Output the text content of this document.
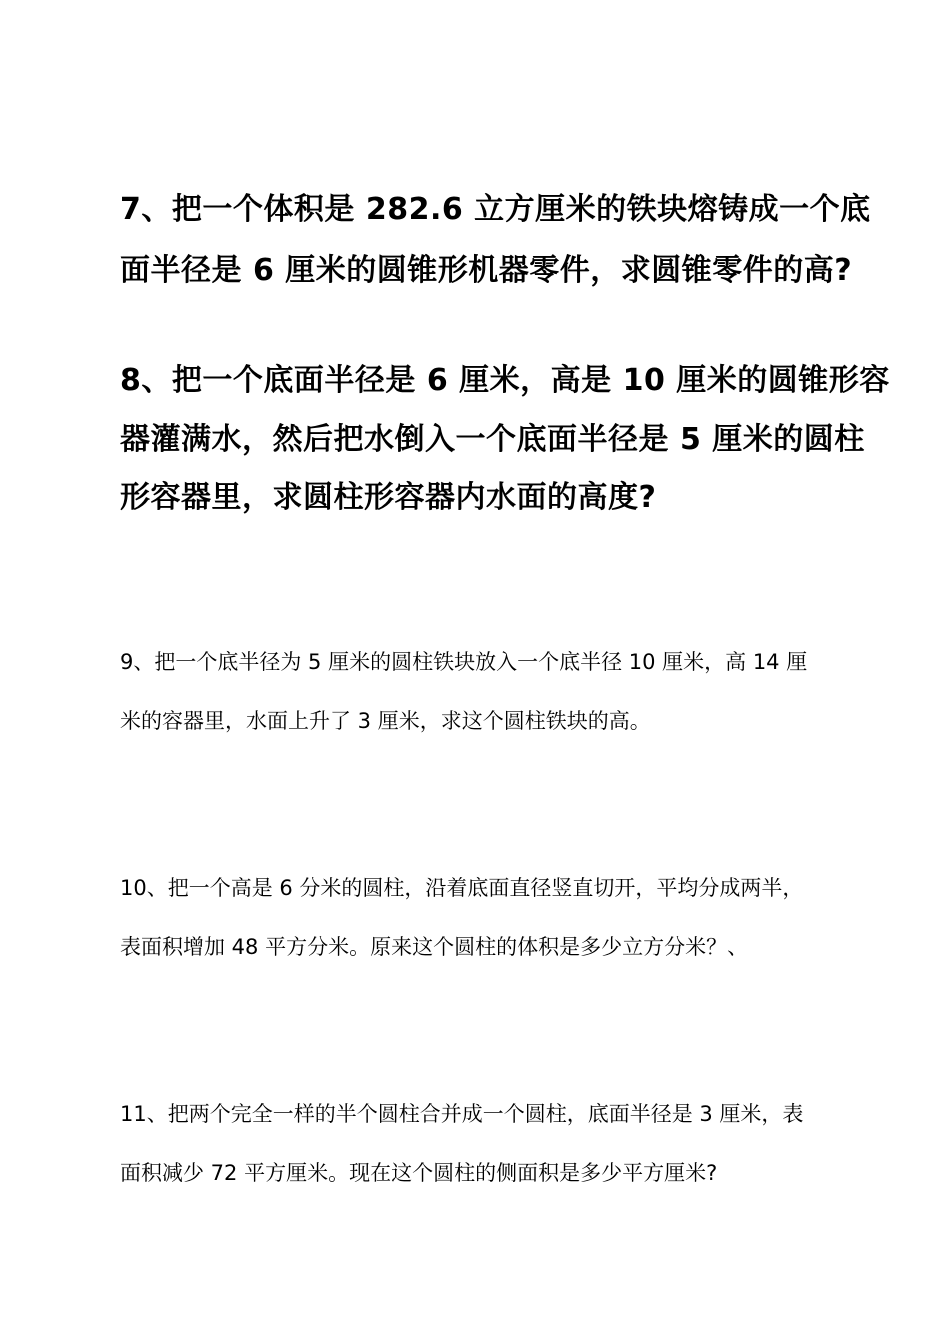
7、把一个体积是 282.6 立方厘米的铁块熔铸成一个底
面半径是 6 厘米的圆锥形机器零件，求圆锥零件的高?
8、把一个底面半径是 6 厘米，高是 10 厘米的圆锥形容
器灌满水，然后把水倒入一个底面半径是 5 厘米的圆柱
形容器里，求圆柱形容器内水面的高度?
9、把一个底半径为 5 厘米的圆柱铁块放入一个底半径 10 厘米，高 14 厘
米的容器里，水面上升了 3 厘米，求这个圆柱铁块的高。
10、把一个高是 6 分米的圆柱，沿着底面直径竖直切开，平均分成两半，
表面积增加 48 平方分米。原来这个圆柱的体积是多少立方分米？、
11、把两个完全一样的半个圆柱合并成一个圆柱，底面半径是 3 厘米，表
面积减少 72 平方厘米。现在这个圆柱的侧面积是多少平方厘米?
